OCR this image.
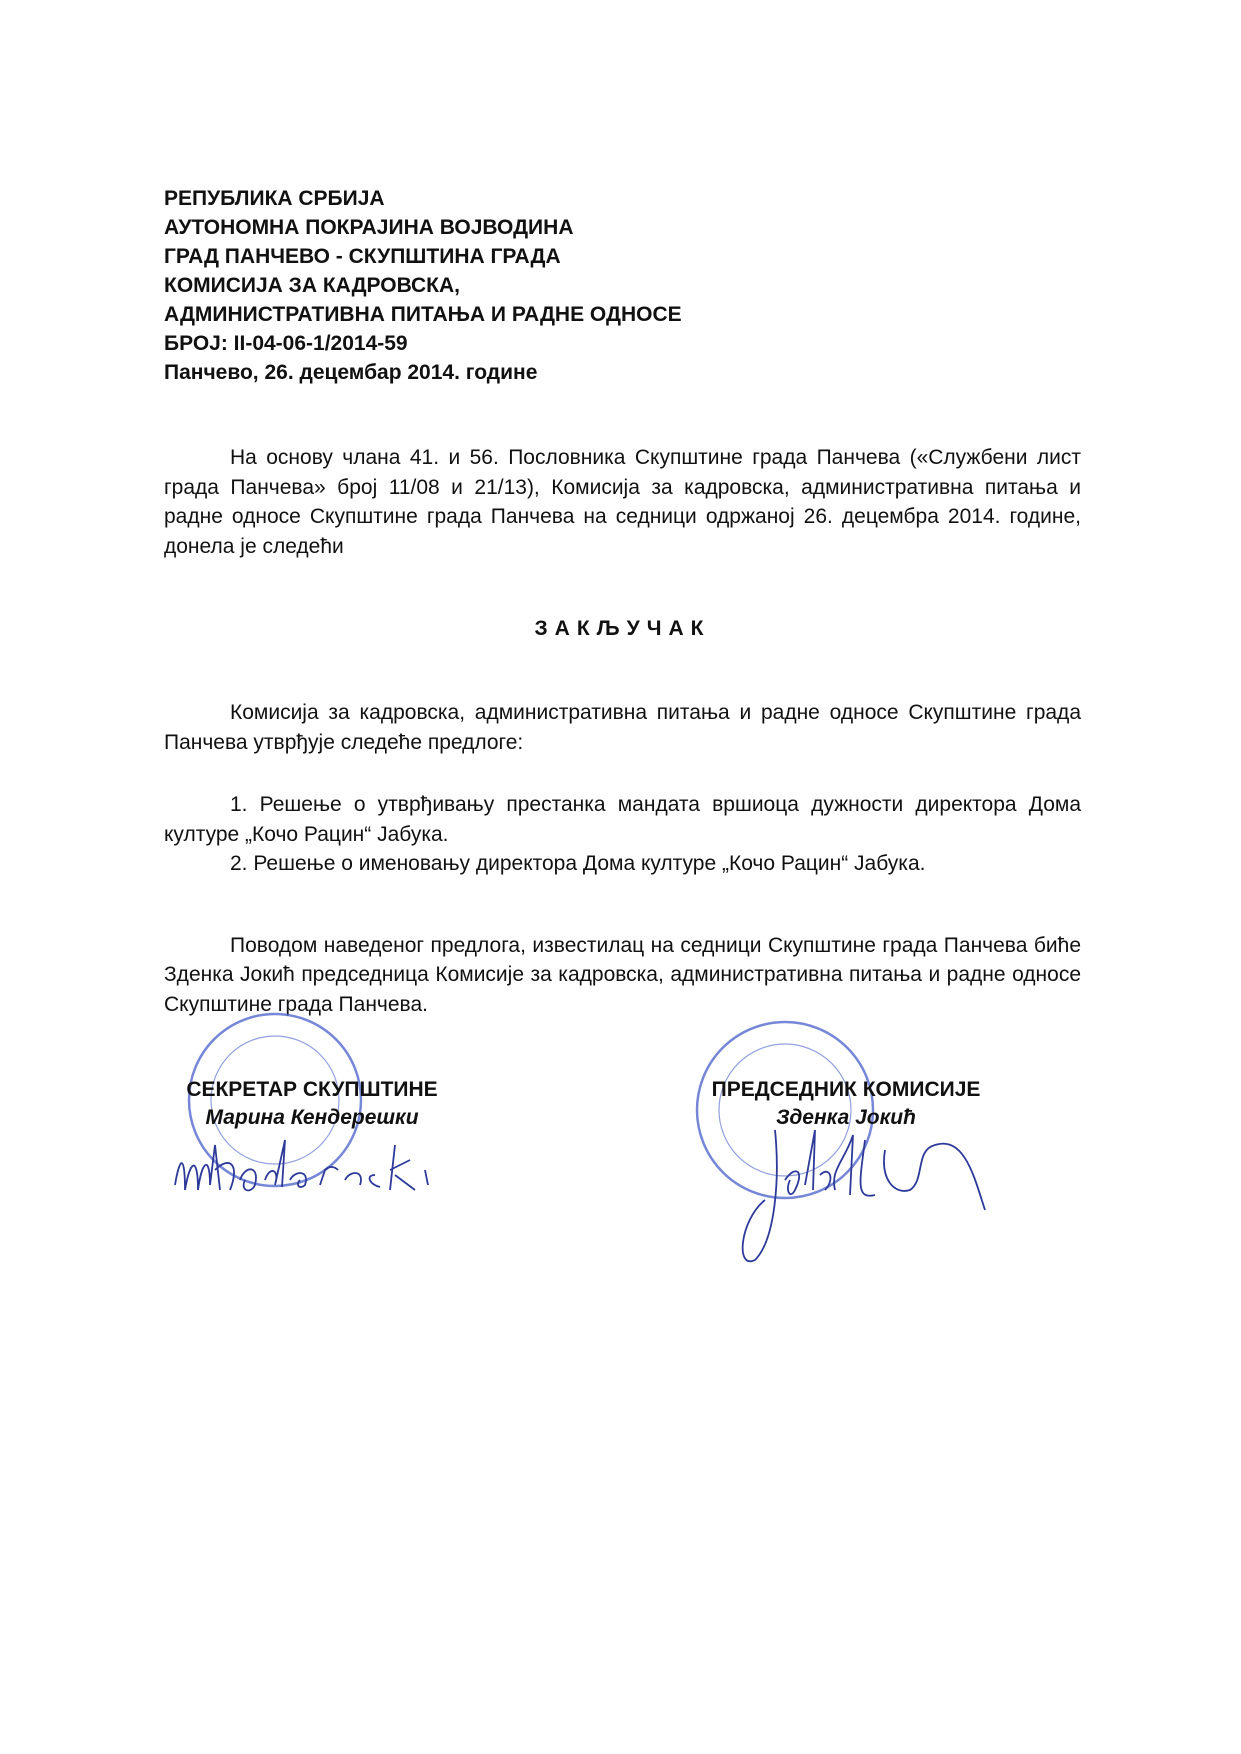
РЕПУБЛИКА СРБИЈА
АУТОНОМНА ПОКРАЈИНА ВОЈВОДИНА
ГРАД ПАНЧЕВО - СКУПШТИНА ГРАДА
КОМИСИЈА ЗА КАДРОВСКА,
АДМИНИСТРАТИВНА ПИТАЊА И РАДНЕ ОДНОСЕ
БРОЈ: II-04-06-1/2014-59
Панчево, 26. децембар 2014. године

На основу члана 41. и 56. Пословника Скупштине града Панчева («Службени лист града Панчева» број 11/08 и 21/13), Комисија за кадровска, административна питања и радне односе Скупштине града Панчева на седници одржаној 26. децембра 2014. године, донела је следећи

ЗАКЉУЧАК

Комисија за кадровска, административна питања и радне односе Скупштине града Панчева утврђује следеће предлоге:

1. Решење о утврђивању престанка мандата вршиоца дужности директора Дома културе „Кочо Рацин“ Јабука.

2. Решење о именовању директора Дома културе „Кочо Рацин“ Јабука.

Поводом наведеног предлога, известилац на седници Скупштине града Панчева биће Зденка Јокић председница Комисије за кадровска, административна питања и радне односе Скупштине града Панчева.

СЕКРЕТАР СКУПШТИНЕ
Марина Кендерешки
ПРЕДСЕДНИК КОМИСИЈЕ
Зденка Јокић
